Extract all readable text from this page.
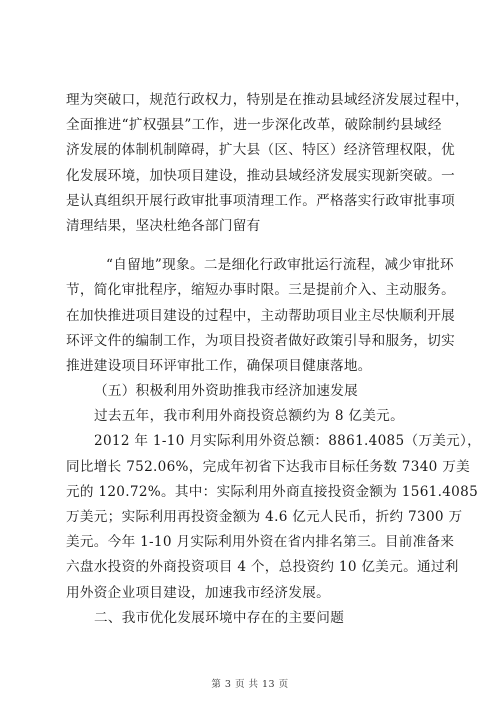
理为突破口，规范行政权力，特别是在推动县域经济发展过程中，
全面推进“扩权强县”工作，进一步深化改革，破除制约县域经
济发展的体制机制障碍，扩大县（区、特区）经济管理权限，优
化发展环境，加快项目建设，推动县域经济发展实现新突破。一
是认真组织开展行政审批事项清理工作。严格落实行政审批事项
清理结果，坚决杜绝各部门留有
“自留地”现象。二是细化行政审批运行流程，减少审批环
节，简化审批程序，缩短办事时限。三是提前介入、主动服务。
在加快推进项目建设的过程中，主动帮助项目业主尽快顺利开展
环评文件的编制工作，为项目投资者做好政策引导和服务，切实
推进建设项目环评审批工作，确保项目健康落地。
（五）积极利用外资助推我市经济加速发展
过去五年，我市利用外商投资总额约为 8 亿美元。
2012 年 1-10 月实际利用外资总额：8861.4085（万美元），
同比增长 752.06%，完成年初省下达我市目标任务数 7340 万美
元的 120.72%。其中：实际利用外商直接投资金额为 1561.4085
万美元；实际利用再投资金额为 4.6 亿元人民币，折约 7300 万
美元。今年 1-10 月实际利用外资在省内排名第三。目前准备来
六盘水投资的外商投资项目 4 个，总投资约 10 亿美元。通过利
用外资企业项目建设，加速我市经济发展。
二、我市优化发展环境中存在的主要问题
第 3 页 共 13 页
